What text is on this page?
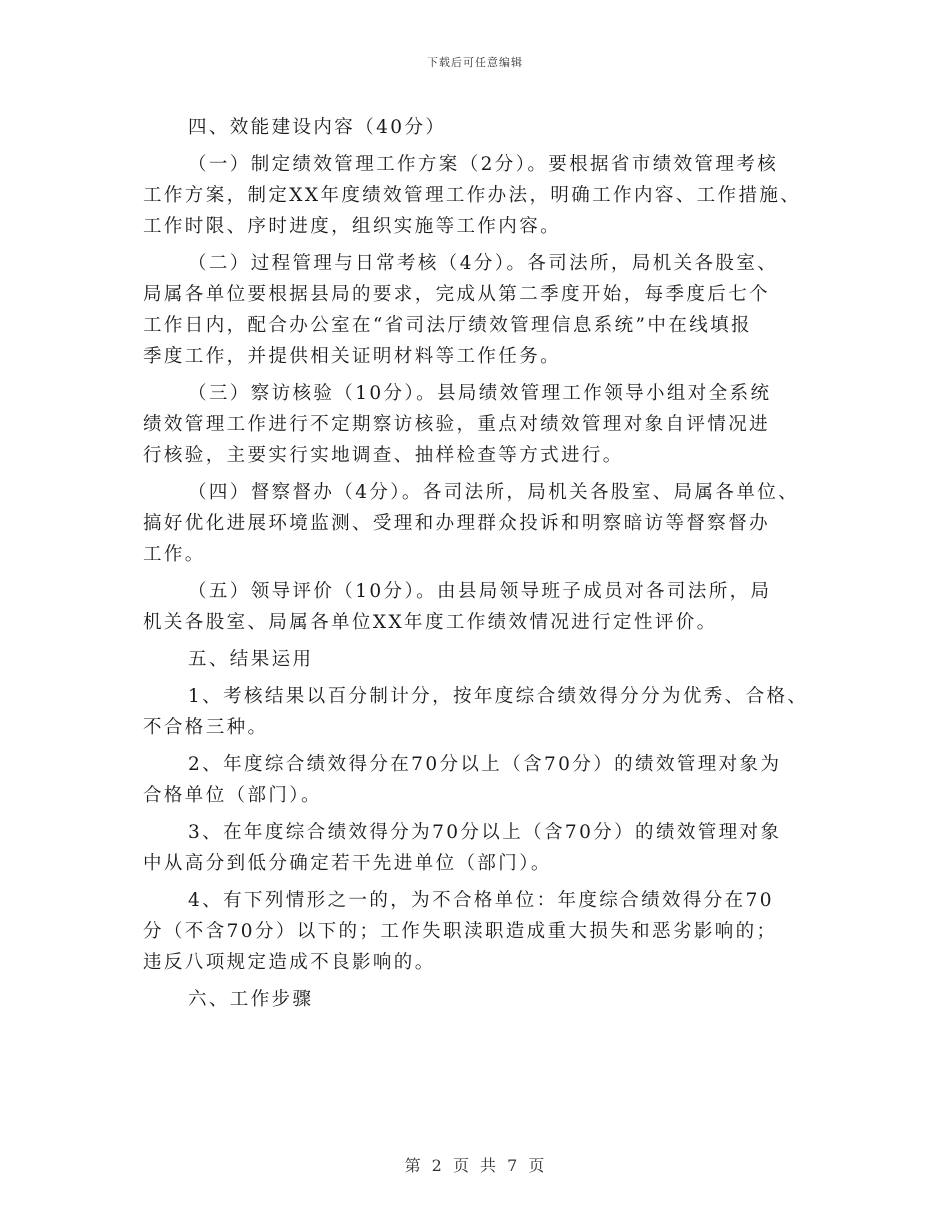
下载后可任意编辑
四、效能建设内容（40分）
（一）制定绩效管理工作方案（2分）。要根据省市绩效管理考核
工作方案，制定XX年度绩效管理工作办法，明确工作内容、工作措施、
工作时限、序时进度，组织实施等工作内容。
（二）过程管理与日常考核（4分）。各司法所，局机关各股室、
局属各单位要根据县局的要求，完成从第二季度开始，每季度后七个
工作日内，配合办公室在“省司法厅绩效管理信息系统”中在线填报
季度工作，并提供相关证明材料等工作任务。
（三）察访核验（10分）。县局绩效管理工作领导小组对全系统
绩效管理工作进行不定期察访核验，重点对绩效管理对象自评情况进
行核验，主要实行实地调查、抽样检查等方式进行。
（四）督察督办（4分）。各司法所，局机关各股室、局属各单位、
搞好优化进展环境监测、受理和办理群众投诉和明察暗访等督察督办
工作。
（五）领导评价（10分）。由县局领导班子成员对各司法所，局
机关各股室、局属各单位XX年度工作绩效情况进行定性评价。
五、结果运用
1、考核结果以百分制计分，按年度综合绩效得分分为优秀、合格、
不合格三种。
2、年度综合绩效得分在70分以上（含70分）的绩效管理对象为
合格单位（部门）。
3、在年度综合绩效得分为70分以上（含70分）的绩效管理对象
中从高分到低分确定若干先进单位（部门）。
4、有下列情形之一的，为不合格单位：年度综合绩效得分在70
分（不含70分）以下的；工作失职渎职造成重大损失和恶劣影响的；
违反八项规定造成不良影响的。
六、工作步骤
第 2 页 共 7 页
